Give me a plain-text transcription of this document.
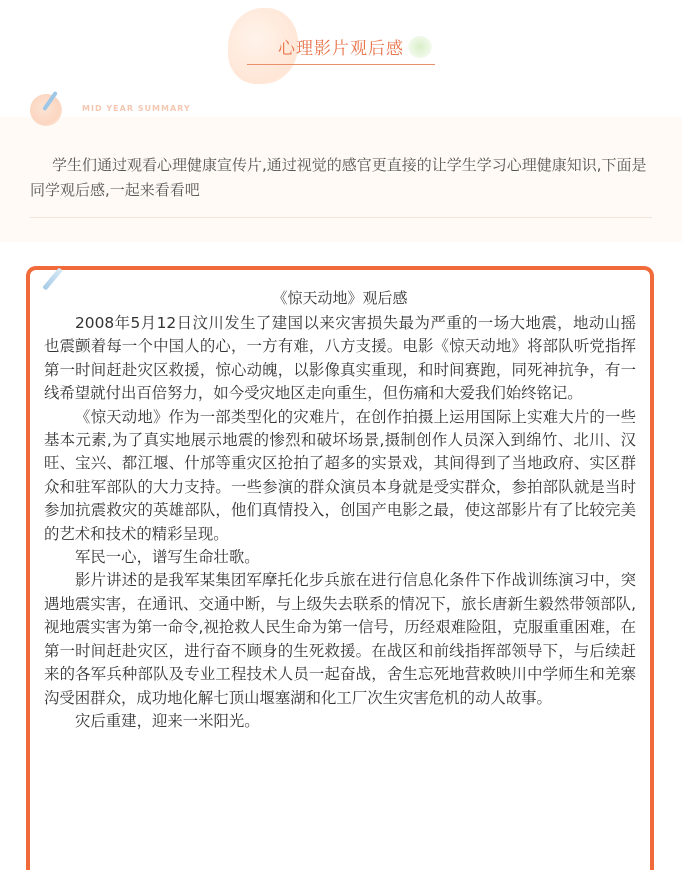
心理影片观后感
MID YEAR SUMMARY
学生们通过观看心理健康宣传片,通过视觉的感官更直接的让学生学习心理健康知识,下面是同学观后感,一起来看看吧
《惊天动地》观后感

2008年5月12日汶川发生了建国以来灾害损失最为严重的一场大地震，地动山摇也震颤着每一个中国人的心，一方有难，八方支援。电影《惊天动地》将部队听党指挥第一时间赶赴灾区救援，惊心动魄，以影像真实重现，和时间赛跑，同死神抗争，有一线希望就付出百倍努力，如今受灾地区走向重生，但伤痛和大爱我们始终铭记。

《惊天动地》作为一部类型化的灾难片，在创作拍摄上运用国际上实难大片的一些基本元素,为了真实地展示地震的惨烈和破坏场景,摄制创作人员深入到绵竹、北川、汉旺、宝兴、都江堰、什邡等重灾区抢拍了超多的实景戏，其间得到了当地政府、实区群众和驻军部队的大力支持。一些参演的群众演员本身就是受实群众，参拍部队就是当时参加抗震救灾的英雄部队，他们真情投入，创国产电影之最，使这部影片有了比较完美的艺术和技术的精彩呈现。

军民一心，谱写生命壮歌。

影片讲述的是我军某集团军摩托化步兵旅在进行信息化条件下作战训练演习中，突遇地震实害，在通讯、交通中断，与上级失去联系的情况下，旅长唐新生毅然带领部队,视地震实害为第一命令,视抢救人民生命为第一信号，历经艰难险阻，克服重重困难，在第一时间赶赴灾区，进行奋不顾身的生死救援。在战区和前线指挥部领导下，与后续赶来的各军兵种部队及专业工程技术人员一起奋战，舍生忘死地营救映川中学师生和羌寨沟受困群众，成功地化解七顶山堰塞湖和化工厂次生灾害危机的动人故事。

灾后重建，迎来一米阳光。
